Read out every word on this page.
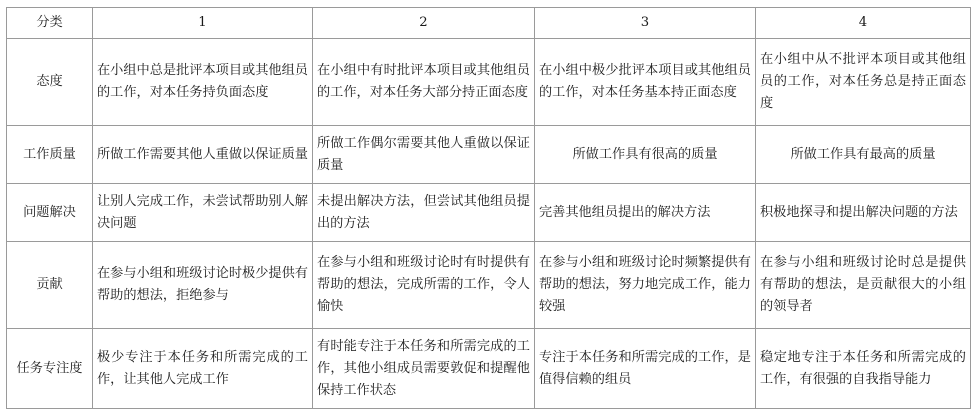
分类	1	2	3	4
态度	在小组中总是批评本项目或其他组员的工作，对本任务持负面态度	在小组中有时批评本项目或其他组员的工作，对本任务大部分持正面态度	在小组中极少批评本项目或其他组员的工作，对本任务基本持正面态度	在小组中从不批评本项目或其他组员的工作，对本任务总是持正面态度
工作质量	所做工作需要其他人重做以保证质量	所做工作偶尔需要其他人重做以保证质量	所做工作具有很高的质量	所做工作具有最高的质量
问题解决	让别人完成工作，未尝试帮助别人解决问题	未提出解决方法，但尝试其他组员提出的方法	完善其他组员提出的解决方法	积极地探寻和提出解决问题的方法
贡献	在参与小组和班级讨论时极少提供有帮助的想法，拒绝参与	在参与小组和班级讨论时有时提供有帮助的想法，完成所需的工作，令人愉快	在参与小组和班级讨论时频繁提供有帮助的想法，努力地完成工作，能力较强	在参与小组和班级讨论时总是提供有帮助的想法，是贡献很大的小组的领导者
任务专注度	极少专注于本任务和所需完成的工作，让其他人完成工作	有时能专注于本任务和所需完成的工作，其他小组成员需要敦促和提醒他保持工作状态	专注于本任务和所需完成的工作，是值得信赖的组员	稳定地专注于本任务和所需完成的工作，有很强的自我指导能力
